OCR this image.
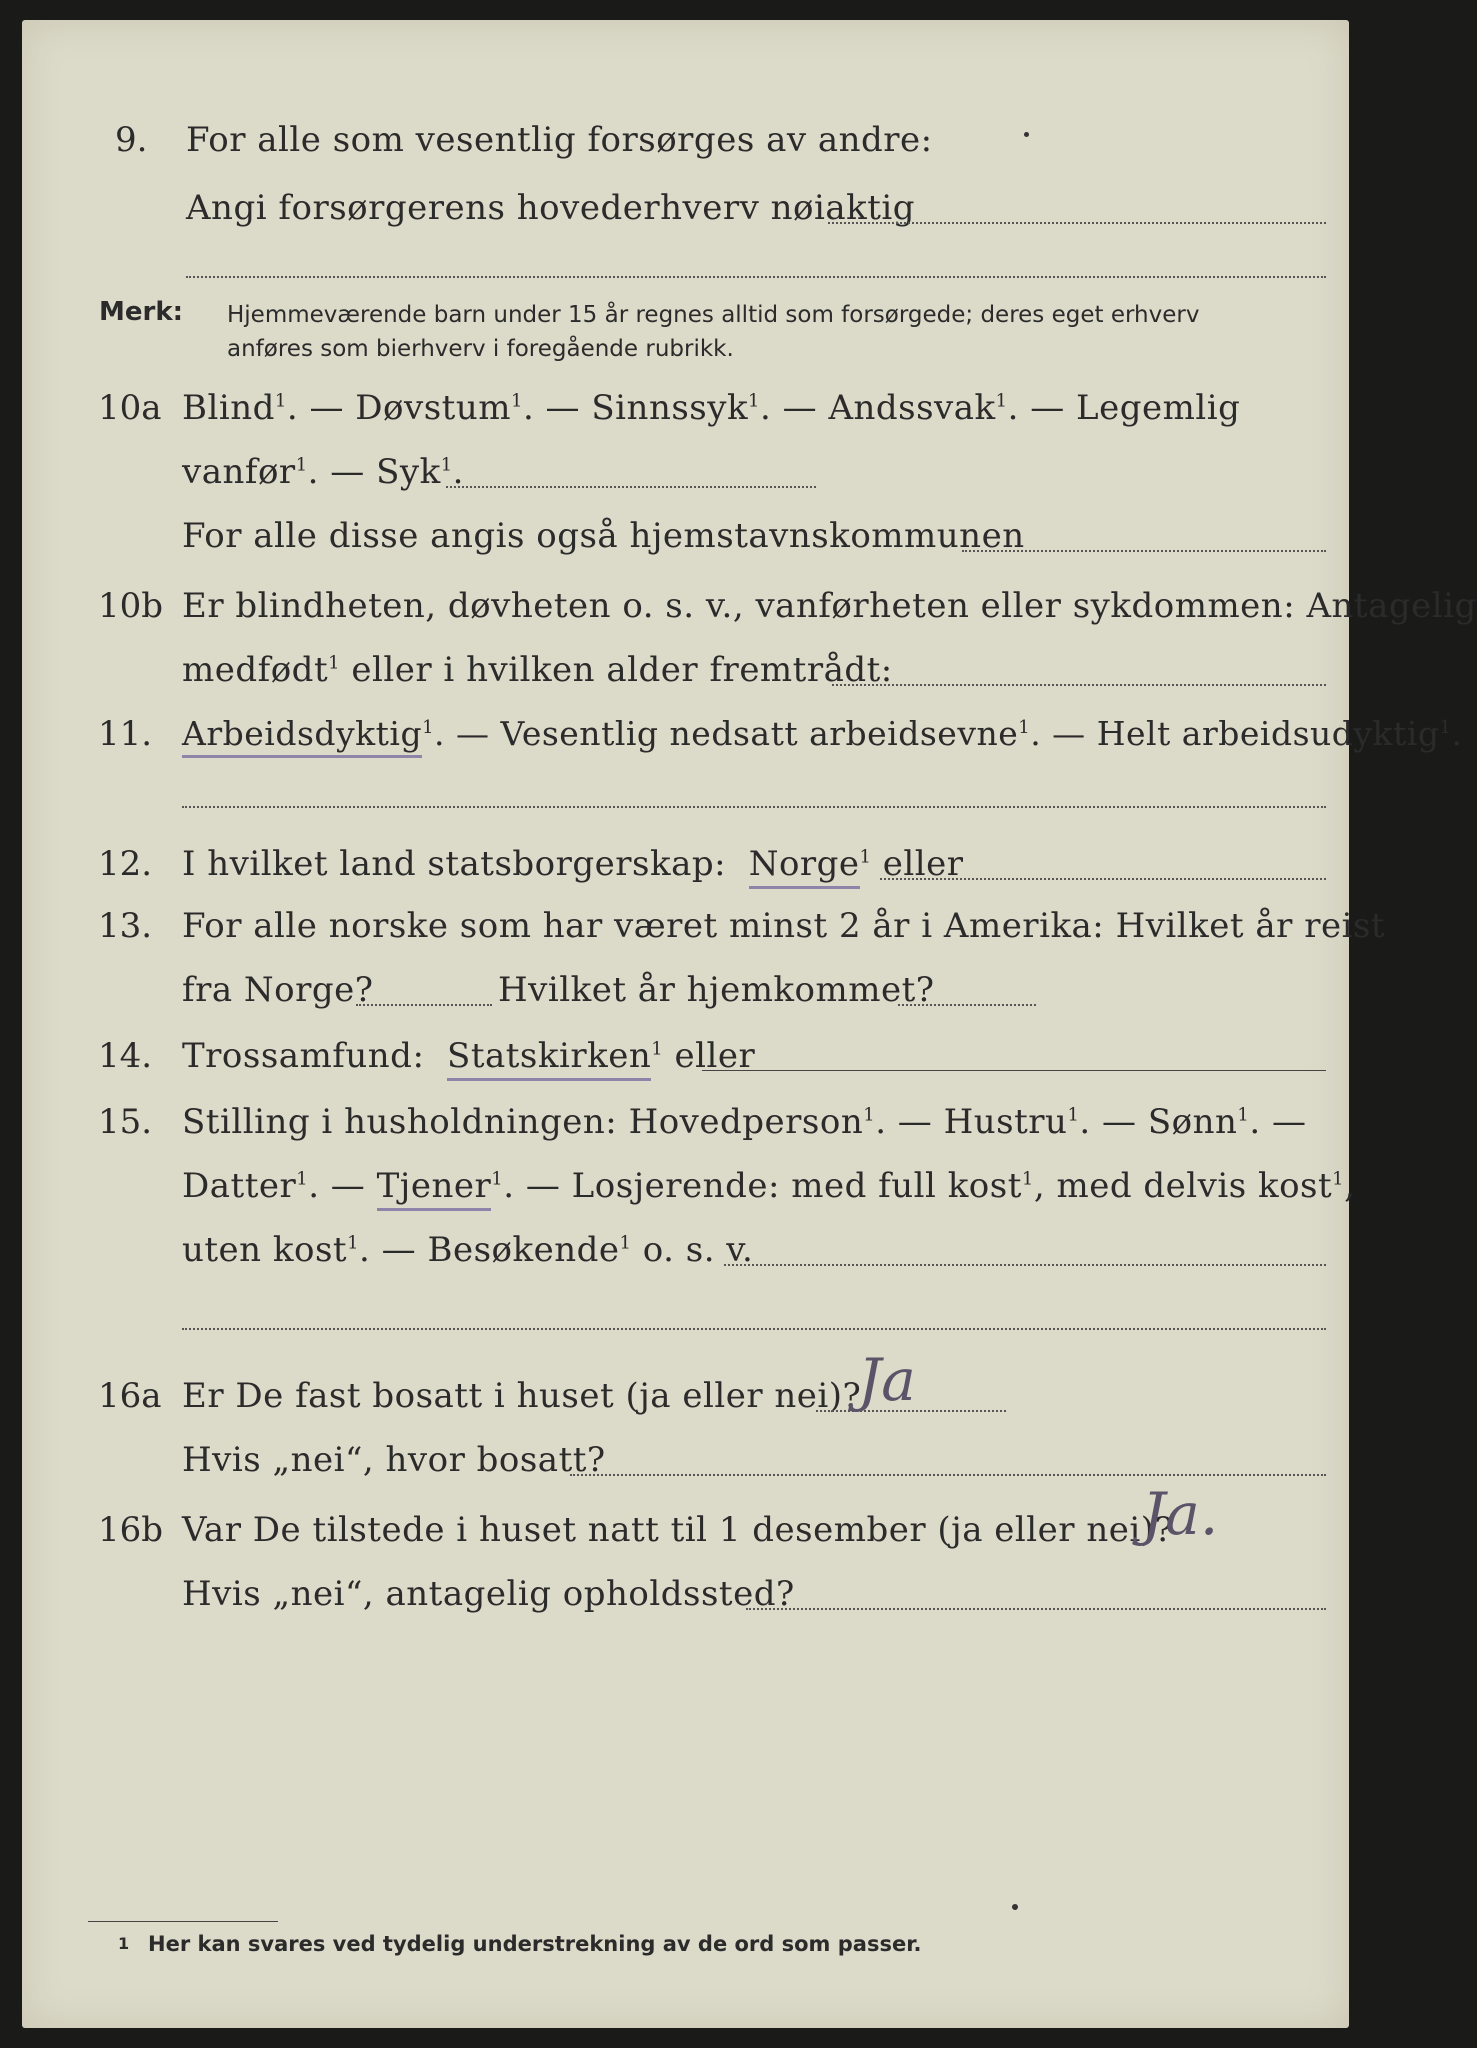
9. For alle som vesentlig forsørges av andre:
Angi forsørgerens hovederhverv nøiaktig
Merk: Hjemmeværende barn under 15 år regnes alltid som forsørgede; deres eget erhverv
anføres som bierhverv i foregående rubrikk.
10a Blind$^1$. — Døvstum$^1$. — Sinnssyk$^1$. — Andssvak$^1$. — Legemlig
vanfør$^1$. — Syk$^1$.
For alle disse angis også hjemstavnskommunen
10b Er blindheten, døvheten o. s. v., vanførheten eller sykdommen: Antagelig
medfødt$^1$ eller i hvilken alder fremtrådt:
11. Arbeidsdyktig$^1$. — Vesentlig nedsatt arbeidsevne$^1$. — Helt arbeidsudyktig$^1$.
12. I hvilket land statsborgerskap: Norge$^1$ eller
13. For alle norske som har været minst 2 år i Amerika: Hvilket år reist
fra Norge?	Hvilket år hjemkommet?
14. Trossamfund: Statskirken$^1$ eller
15. Stilling i husholdningen: Hovedperson$^1$. — Hustru$^1$. — Sønn$^1$. —
Datter$^1$. — Tjener$^1$. — Losjerende: med full kost$^1$, med delvis kost$^1$,
uten kost$^1$. — Besøkende$^1$ o. s. v.
16a Er De fast bosatt i huset (ja eller nei)?
Ja
Hvis „nei“, hvor bosatt?
16b Var De tilstede i huset natt til 1 desember (ja eller nei)?
Ja.
Hvis „nei“, antagelig opholdssted?
1 Her kan svares ved tydelig understrekning av de ord som passer.
